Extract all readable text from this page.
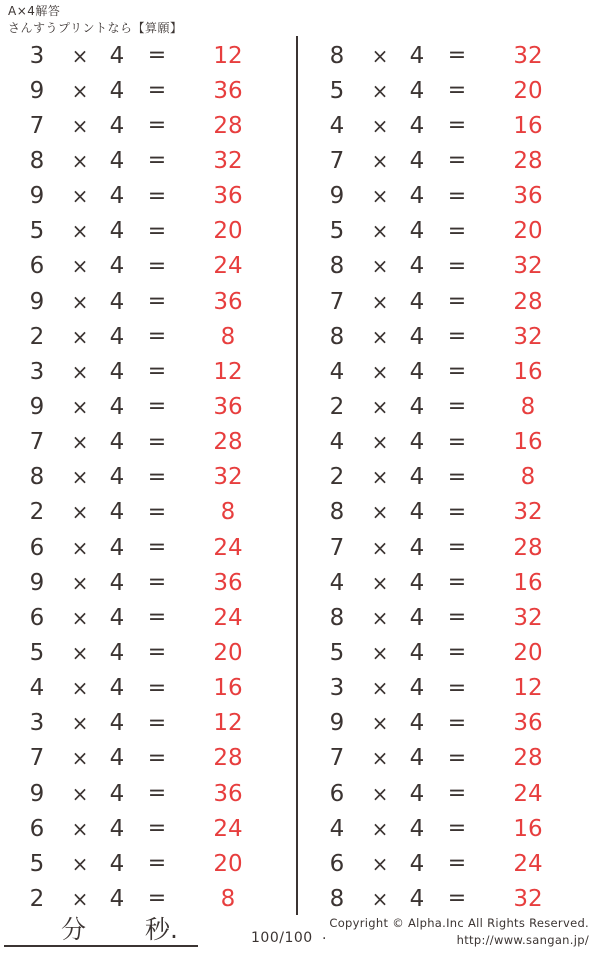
A×4解答
さんすうプリントなら【算願】
3	× 4	=	12
9	× 4	=	36
7	× 4	=	28
8	× 4	=	32
9	× 4	=	36
5	× 4	=	20
6	× 4	=	24
9	× 4	=	36
2	× 4	=	8
3	× 4	=	12
9	× 4	=	36
7	× 4	=	28
8	× 4	=	32
2	× 4	=	8
6	× 4	=	24
9	× 4	=	36
6	× 4	=	24
5	× 4	=	20
4	× 4	=	16
3	× 4	=	12
7	× 4	=	28
9	× 4	=	36
6	× 4	=	24
5	× 4	=	20
2	× 4	=	8
8	× 4	=	32
5	× 4	=	20
4	× 4	=	16
7	× 4	=	28
9	× 4	=	36
5	× 4	=	20
8	× 4	=	32
7	× 4	=	28
8	× 4	=	32
4	× 4	=	16
2	× 4	=	8
4	× 4	=	16
2	× 4	=	8
8	× 4	=	32
7	× 4	=	28
4	× 4	=	16
8	× 4	=	32
5	× 4	=	20
3	× 4	=	12
9	× 4	=	36
7	× 4	=	28
6	× 4	=	24
4	× 4	=	16
6	× 4	=	24
8	× 4	=	32
分 秒.	100/100 .
Copyright © Alpha.Inc All Rights Reserved.
http://www.sangan.jp/
